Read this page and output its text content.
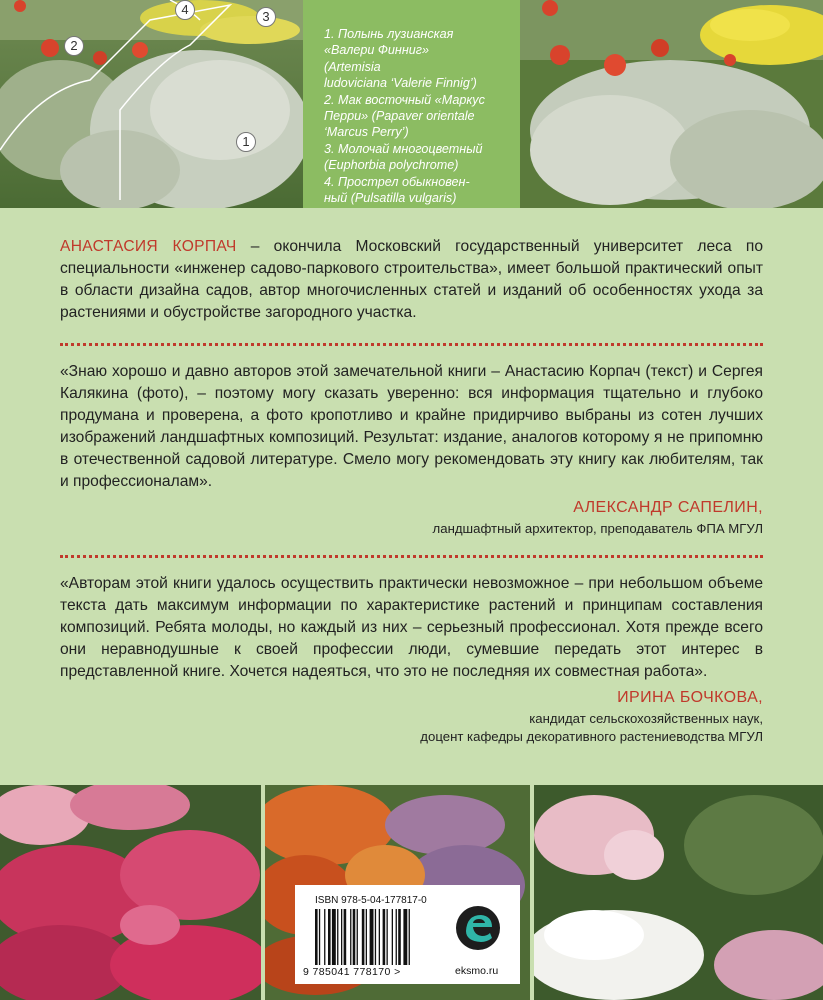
1
2
3
4

1. Полынь лузианская

«Валери Финниг»

(Artemisia

ludoviciana ‘Valerie Finnig’)

2. Мак восточный «Маркус

Перри» (Papaver orientale

‘Marcus Perry’)

3. Молочай многоцветный

(Euphorbia polychrome)

4. Прострел обыкновен-

ный (Pulsatilla vulgaris)

АНАСТАСИЯ КОРПАЧ – окончила Московский государственный университет леса по специальности «инженер садово-паркового строительства», имеет большой практический опыт в области дизайна садов, автор многочисленных статей и изданий об особенностях ухода за растениями и обустройстве загородного участка.

«Знаю хорошо и давно авторов этой замечательной книги – Анастасию Корпач (текст) и Сергея Калякина (фото), – поэтому могу сказать уверенно: вся информация тщательно и глубоко продумана и проверена, а фото кропотливо и крайне придирчиво выбраны из сотен лучших изображений ландшафтных композиций. Результат: издание, аналогов которому я не припомню в отечественной садовой литературе. Смело могу рекомендовать эту книгу как любителям, так и профессионалам».

АЛЕКСАНДР САПЕЛИН,

ландшафтный архитектор, преподаватель ФПА МГУЛ

«Авторам этой книги удалось осуществить практически невозможное – при небольшом объеме текста дать максимум информации по характеристике растений и принципам составления композиций. Ребята молоды, но каждый из них – серьезный профессионал. Хотя прежде всего они неравнодушные к своей профессии люди, сумевшие передать этот интерес в представленной книге. Хочется надеяться, что это не последняя их совместная работа».

ИРИНА БОЧКОВА,

кандидат сельскохозяйственных наук,

доцент кафедры декоративного растениеводства МГУЛ

ISBN 978-5-04-177817-0
9 785041 778170 >	eksmo.ru
